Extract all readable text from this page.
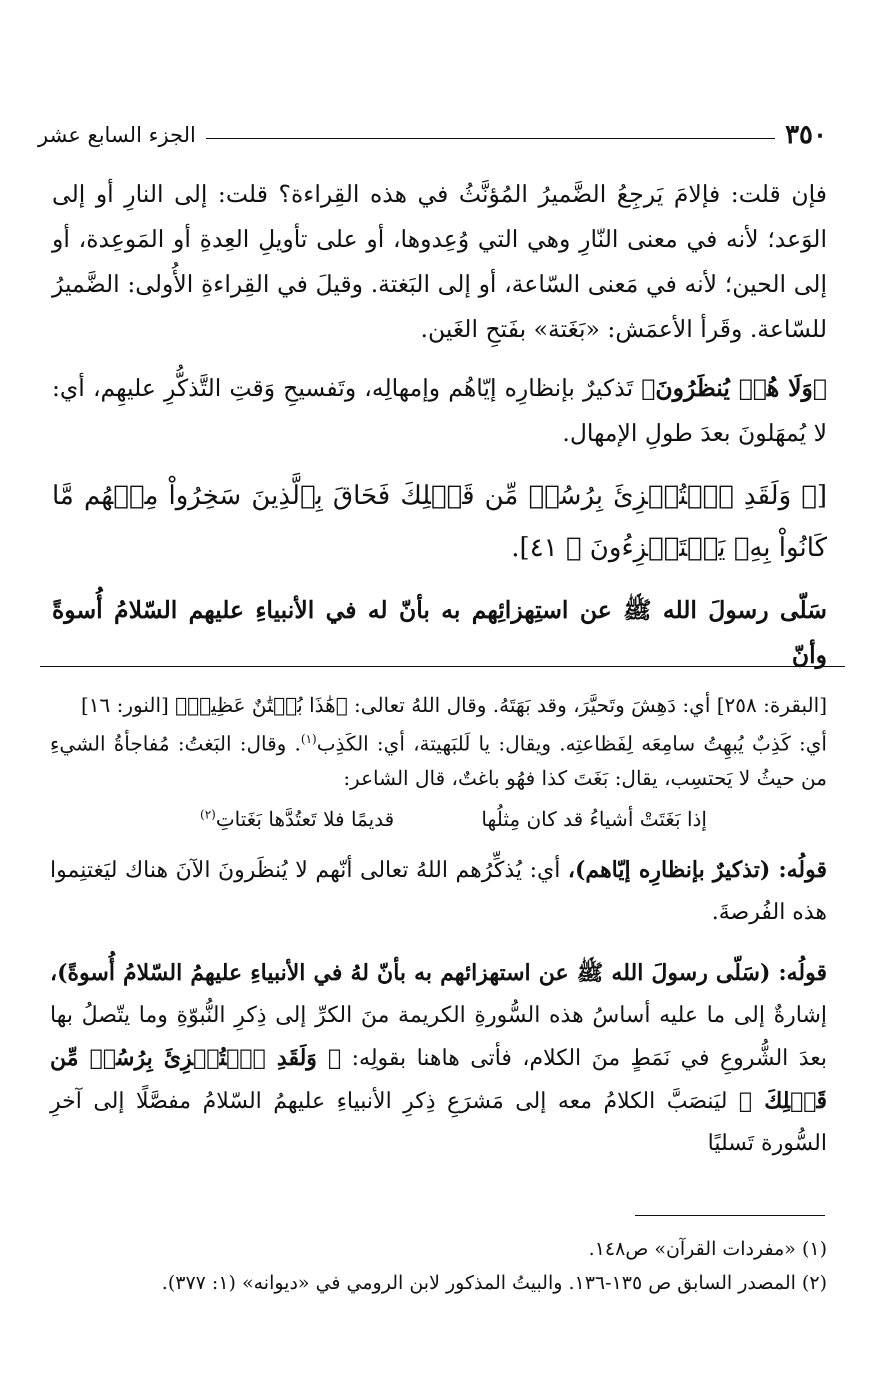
٣٥٠
الجزء السابع عشر

فإن قلت: فإلامَ يَرجِعُ الضَّميرُ المُؤنَّثُ في هذه القِراءة؟ قلت: إلى النارِ أو إلى الوَعد؛ لأنه في معنى النّارِ وهي التي وُعِدوها، أو على تأويلِ العِدةِ أو المَوعِدة، أو إلى الحين؛ لأنه في مَعنى السّاعة، أو إلى البَغتة. وقيلَ في القِراءةِ الأُولى: الضَّميرُ للسّاعة. وقَرأ الأعمَش: «بَغَتة» بفَتحِ الغَين.

﴿وَلَا هُمۡ يُنظَرُونَ﴾ تَذكيرٌ بإنظارِه إيّاهُم وإمهالِه، وتَفسيحِ وَقتِ التَّذكُّرِ عليهِم، أي: لا يُمهَلونَ بعدَ طولِ الإمهال.

[﴿ وَلَقَدِ ٱسۡتُهۡزِئَ بِرُسُلٖ مِّن قَبۡلِكَ فَحَاقَ بِٱلَّذِينَ سَخِرُواْ مِنۡهُم مَّا كَانُواْ بِهِۦ يَسۡتَهۡزِءُونَ ﴾ ٤١].

سَلّى رسولَ الله ﷺ عن استِهزائِهم به بأنّ له في الأنبياءِ عليهم السّلامُ أُسوةً وأنّ

[البقرة: ٢٥٨] أي: دَهِشَ وتَحيَّرَ، وقد بَهَتَهُ. وقال اللهُ تعالى: ﴿هَٰذَا بُهۡتَٰنٌ عَظِيمٞ﴾ [النور: ١٦]

أي: كَذِبٌ يُبهِتُ سامِعَه لِفَظاعتِه. ويقال: يا لَلبَهيتة، أي: الكَذِب$^{(١)}$. وقال: البَغتُ: مُفاجأةُ الشيءِ من حيثُ لا يَحتسِب، يقال: بَغَتَ كذا فهُو باغتٌ، قال الشاعر:

إذا بَغَتَتْ أشياءُ قد كان مِثلُها
قديمًا فلا تَعتُدَّها بَغَتاتِ$^{(٢)}$

قولُه: (تذكيرٌ بإنظارِه إيّاهم)، أي: يُذكِّرُهم اللهُ تعالى أنّهم لا يُنظَرونَ الآنَ هناك ليَغتنِموا هذه الفُرصةَ.

قولُه: (سَلّى رسولَ الله ﷺ عن استهزائهم به بأنّ لهُ في الأنبياءِ عليهمُ السّلامُ أُسوةً)، إشارةٌ إلى ما عليه أساسُ هذه السُّورةِ الكريمة منَ الكرِّ إلى ذِكرِ النُّبوّةِ وما يتّصلُ بها بعدَ الشُّروعِ في نَمَطٍ منَ الكلام، فأتى هاهنا بقولِه: ﴿ وَلَقَدِ ٱسۡتُهۡزِئَ بِرُسُلٖ مِّن قَبۡلِكَ ﴾ ليَنصَبَّ الكلامُ معه إلى مَشرَعِ ذِكرِ الأنبياءِ عليهمُ السّلامُ مفصَّلًا إلى آخرِ السُّورة تَسليًا

(١) «مفردات القرآن» ص١٤٨.

(٢) المصدر السابق ص ١٣٥-١٣٦. والبيتُ المذكور لابن الرومي في «ديوانه» (١: ٣٧٧).
